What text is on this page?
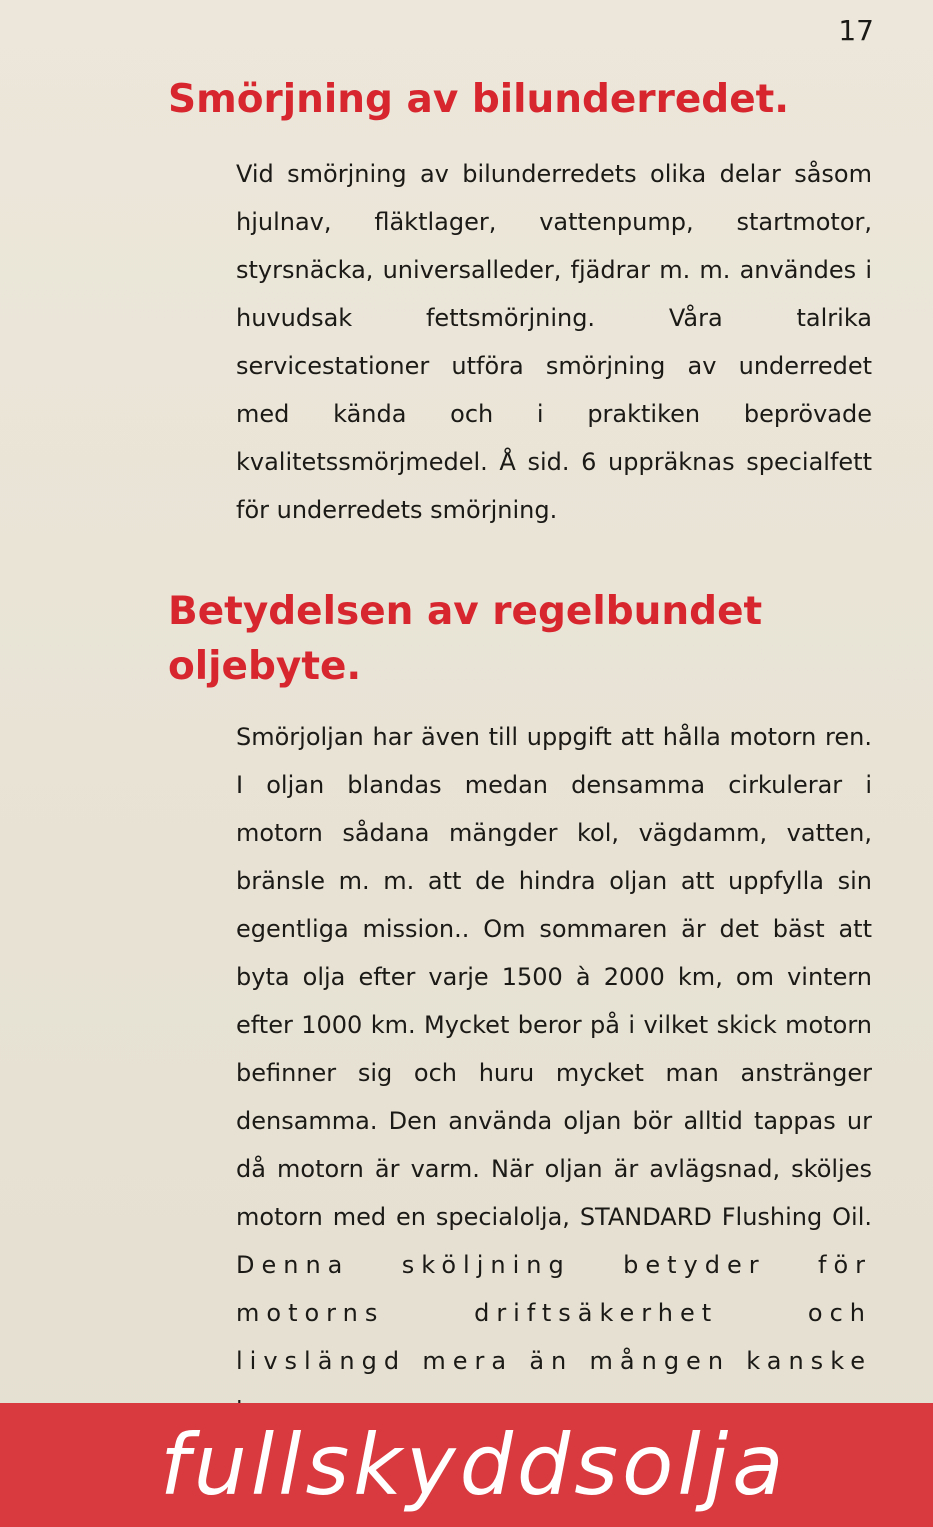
17
Smörjning av bilunderredet.

Vid smörjning av bilunderredets olika delar såsom hjulnav, fläktlager, vattenpump, startmotor, styrsnäcka, universalleder, fjädrar m. m. användes i huvudsak fettsmörjning. Våra talrika servicestationer utföra smörjning av underredet med kända och i praktiken beprövade kvalitetssmörjmedel. Å sid. 6 uppräknas specialfett för underredets smörjning.

Betydelsen av regelbundet oljebyte.

Smörjoljan har även till uppgift att hålla motorn ren. I oljan blandas medan densamma cirkulerar i motorn sådana mängder kol, vägdamm, vatten, bränsle m. m. att de hindra oljan att uppfylla sin egentliga mission.. Om sommaren är det bäst att byta olja efter varje 1500 à 2000 km, om vintern efter 1000 km. Mycket beror på i vilket skick motorn befinner sig och huru mycket man anstränger densamma. Den använda oljan bör alltid tappas ur då motorn är varm. När oljan är avlägsnad, sköljes motorn med en specialolja, STANDARD Flushing Oil. Denna sköljning betyder för motorns driftsäkerhet och livslängd mera än mången kanske

fullskyddsolja
